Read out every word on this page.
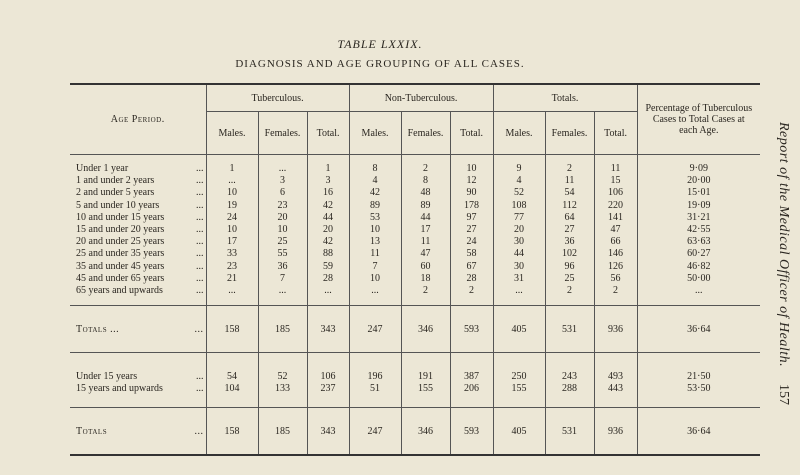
TABLE LXXIX.
DIAGNOSIS AND AGE GROUPING OF ALL CASES.
Report of the Medical Officer of Health.
157
Age Period.	Tuberculous.			Non-Tuberculous.			Totals.			Percentage of Tuberculous Cases to Total Cases at each Age.
	Males.	Females.	Total.	Males.	Females.	Total.	Males.	Females.	Total.	

Under 1 year ...	1	...	1	8	2	10	9	2	11	9·09
1 and under 2 years ...	...	3	3	4	8	12	4	11	15	20·00
2 and under 5 years ...	10	6	16	42	48	90	52	54	106	15·01
5 and under 10 years ...	19	23	42	89	89	178	108	112	220	19·09
10 and under 15 years ...	24	20	44	53	44	97	77	64	141	31·21
15 and under 20 years ...	10	10	20	10	17	27	20	27	47	42·55
20 and under 25 years ...	17	25	42	13	11	24	30	36	66	63·63
25 and under 35 years ...	33	55	88	11	47	58	44	102	146	60·27
35 and under 45 years ...	23	36	59	7	60	67	30	96	126	46·82
45 and under 65 years ...	21	7	28	10	18	28	31	25	56	50·00
65 years and upwards ...	...	...	...	...	2	2	...	2	2	...

Totals ... ...	158	185	343	247	346	593	405	531	936	36·64

Under 15 years ...	54	52	106	196	191	387	250	243	493	21·50
15 years and upwards ...	104	133	237	51	155	206	155	288	443	53·50

Totals ...	158	185	343	247	346	593	405	531	936	36·64
